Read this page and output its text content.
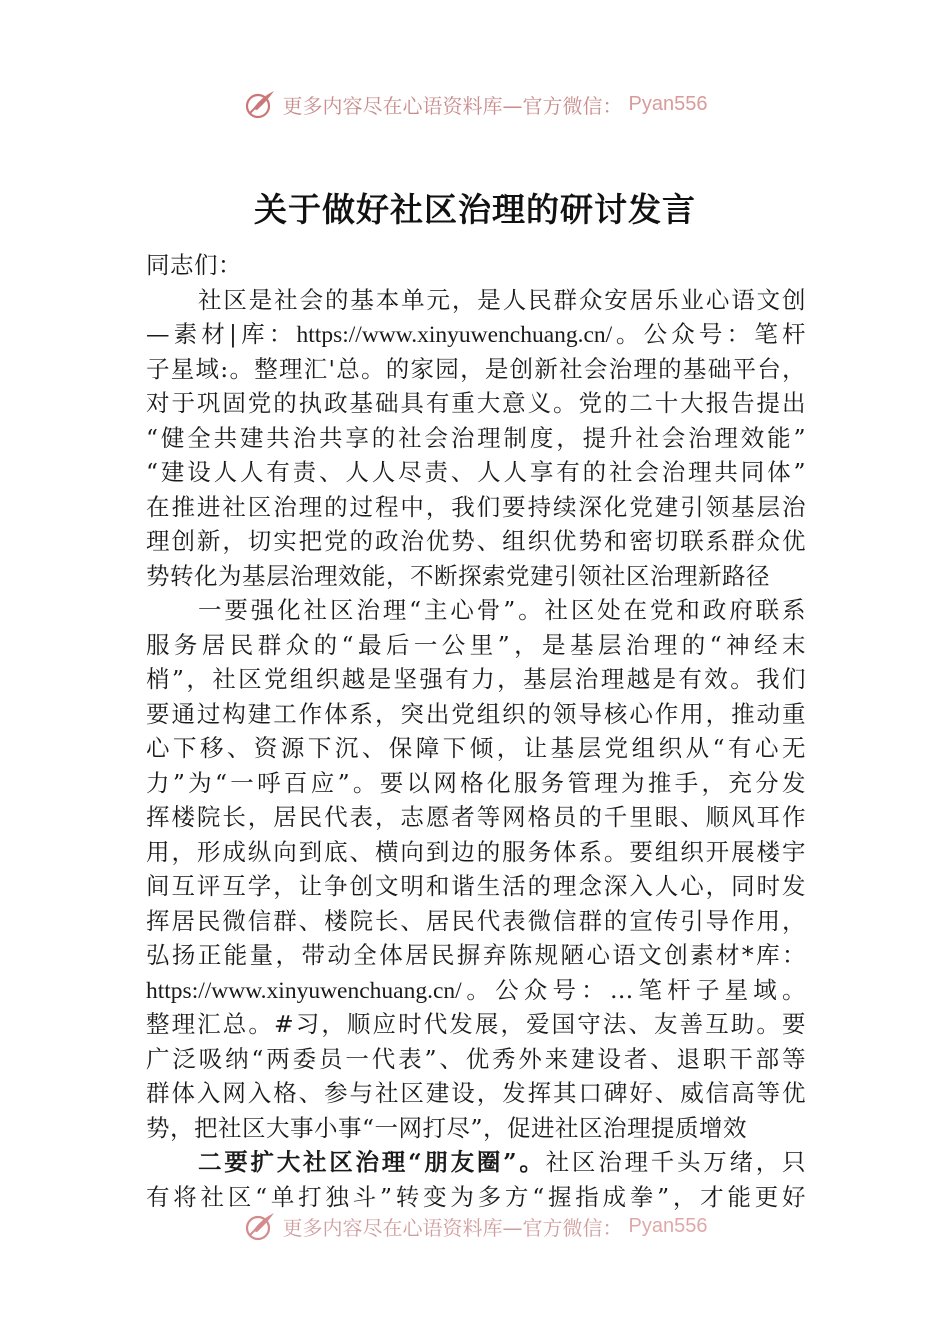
更多内容尽在心语资料库—官方微信： Pyan556
关于做好社区治理的研讨发言
同志们：
社区是社会的基本单元，是人民群众安居乐业心语文创
—素材|库：https://www.xinyuwenchuang.cn/。公众号：笔杆
子星域:。整理汇'总。的家园，是创新社会治理的基础平台，
对于巩固党的执政基础具有重大意义。党的二十大报告提出
“健全共建共治共享的社会治理制度，提升社会治理效能”
“建设人人有责、人人尽责、人人享有的社会治理共同体”
在推进社区治理的过程中，我们要持续深化党建引领基层治
理创新，切实把党的政治优势、组织优势和密切联系群众优
势转化为基层治理效能，不断探索党建引领社区治理新路径
一要强化社区治理“主心骨”。社区处在党和政府联系
服务居民群众的“最后一公里”，是基层治理的“神经末
梢”，社区党组织越是坚强有力，基层治理越是有效。我们
要通过构建工作体系，突出党组织的领导核心作用，推动重
心下移、资源下沉、保障下倾，让基层党组织从“有心无
力”为“一呼百应”。要以网格化服务管理为推手，充分发
挥楼院长，居民代表，志愿者等网格员的千里眼、顺风耳作
用，形成纵向到底、横向到边的服务体系。要组织开展楼宇
间互评互学，让争创文明和谐生活的理念深入人心，同时发
挥居民微信群、楼院长、居民代表微信群的宣传引导作用，
弘扬正能量，带动全体居民摒弃陈规陋心语文创素材*库：
https://www.xinyuwenchuang.cn/。公众号：…笔杆子星域。
整理汇总。#习，顺应时代发展，爱国守法、友善互助。要
广泛吸纳“两委员一代表”、优秀外来建设者、退职干部等
群体入网入格、参与社区建设，发挥其口碑好、威信高等优
势，把社区大事小事“一网打尽”，促进社区治理提质增效
二要扩大社区治理“朋友圈”。社区治理千头万绪，只
有将社区“单打独斗”转变为多方“握指成拳”，才能更好
更多内容尽在心语资料库—官方微信： Pyan556
